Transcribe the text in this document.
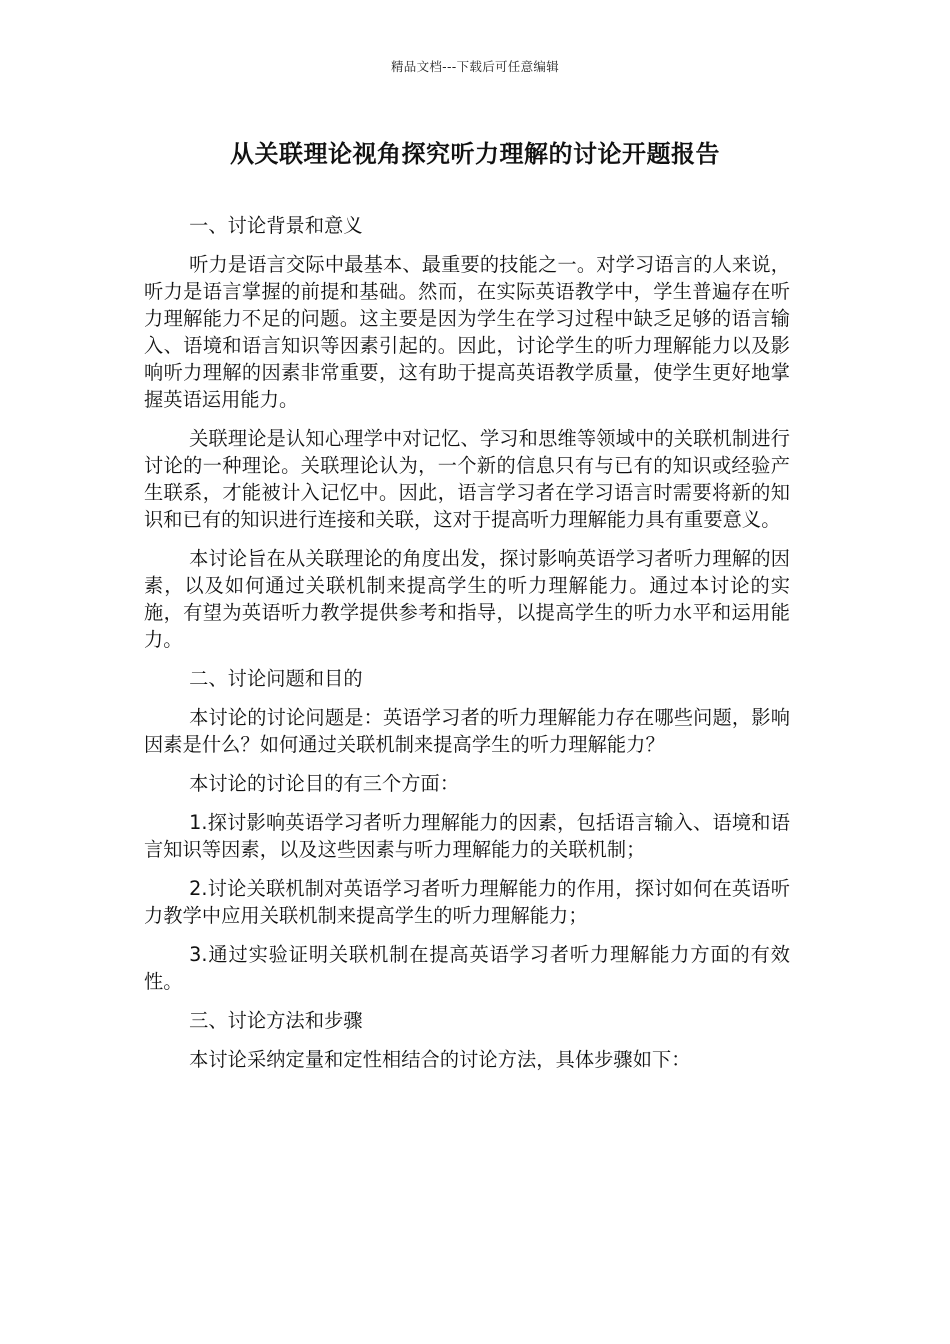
精品文档---下载后可任意编辑
从关联理论视角探究听力理解的讨论开题报告

一、讨论背景和意义

听力是语言交际中最基本、最重要的技能之一。对学习语言的人来说，听力是语言掌握的前提和基础。然而，在实际英语教学中，学生普遍存在听力理解能力不足的问题。这主要是因为学生在学习过程中缺乏足够的语言输入、语境和语言知识等因素引起的。因此，讨论学生的听力理解能力以及影响听力理解的因素非常重要，这有助于提高英语教学质量，使学生更好地掌握英语运用能力。

关联理论是认知心理学中对记忆、学习和思维等领域中的关联机制进行讨论的一种理论。关联理论认为，一个新的信息只有与已有的知识或经验产生联系，才能被计入记忆中。因此，语言学习者在学习语言时需要将新的知识和已有的知识进行连接和关联，这对于提高听力理解能力具有重要意义。

本讨论旨在从关联理论的角度出发，探讨影响英语学习者听力理解的因素，以及如何通过关联机制来提高学生的听力理解能力。通过本讨论的实施，有望为英语听力教学提供参考和指导，以提高学生的听力水平和运用能力。

二、讨论问题和目的

本讨论的讨论问题是：英语学习者的听力理解能力存在哪些问题，影响因素是什么？如何通过关联机制来提高学生的听力理解能力？

本讨论的讨论目的有三个方面：

1.探讨影响英语学习者听力理解能力的因素，包括语言输入、语境和语言知识等因素，以及这些因素与听力理解能力的关联机制；

2.讨论关联机制对英语学习者听力理解能力的作用，探讨如何在英语听力教学中应用关联机制来提高学生的听力理解能力；

3.通过实验证明关联机制在提高英语学习者听力理解能力方面的有效性。

三、讨论方法和步骤

本讨论采纳定量和定性相结合的讨论方法，具体步骤如下：
